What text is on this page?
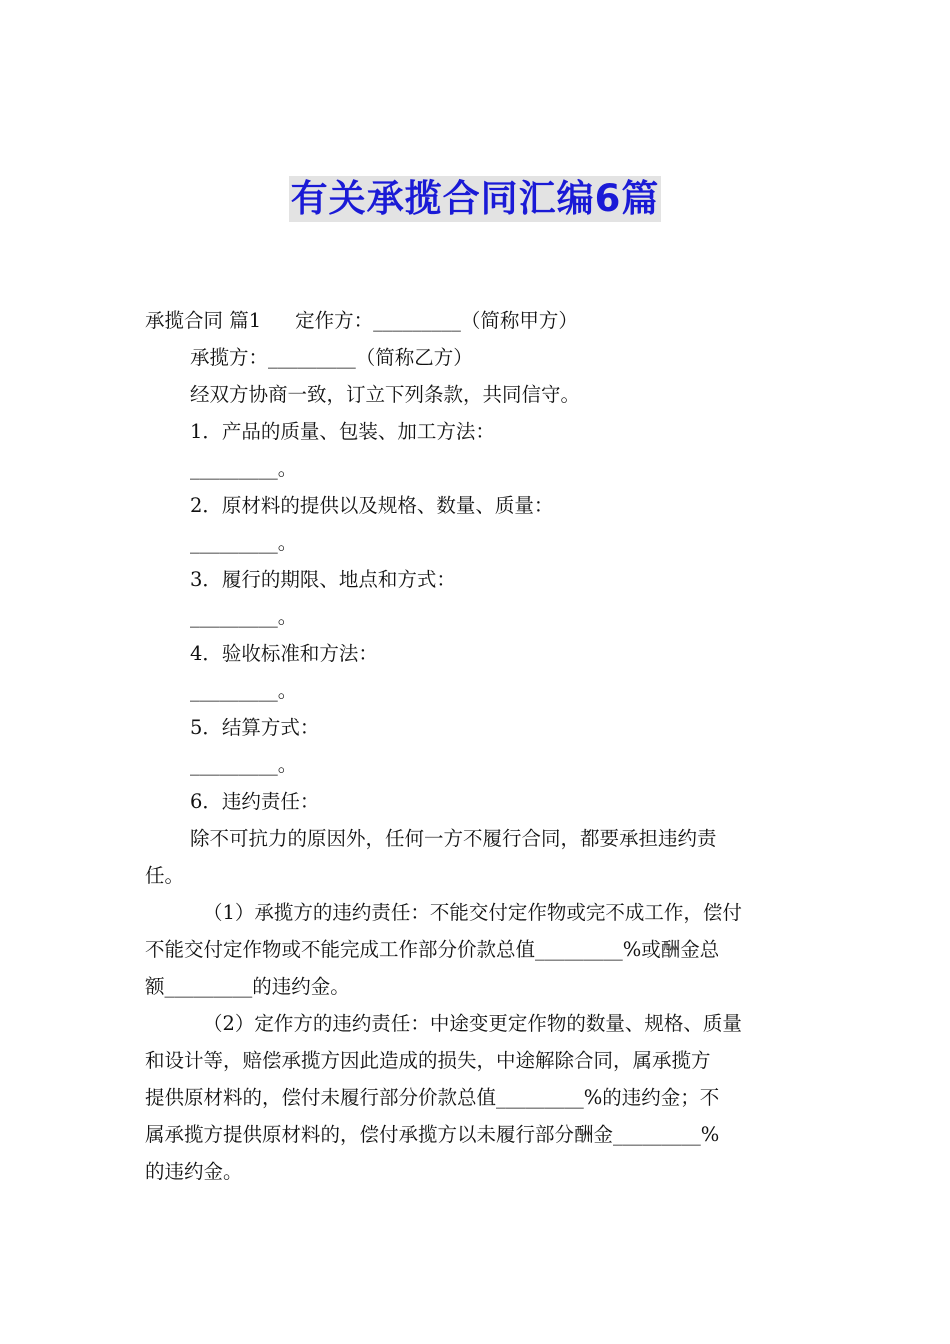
有关承揽合同汇编6篇
承揽合同 篇1 定作方：_________（简称甲方）
承揽方：_________（简称乙方）
经双方协商一致，订立下列条款，共同信守。
1．产品的质量、包装、加工方法：
_________。
2．原材料的提供以及规格、数量、质量：
_________。
3．履行的期限、地点和方式：
_________。
4．验收标准和方法：
_________。
5．结算方式：
_________。
6．违约责任：
除不可抗力的原因外，任何一方不履行合同，都要承担违约责
任。
（1）承揽方的违约责任：不能交付定作物或完不成工作，偿付
不能交付定作物或不能完成工作部分价款总值_________%或酬金总
额_________的违约金。
（2）定作方的违约责任：中途变更定作物的数量、规格、质量
和设计等，赔偿承揽方因此造成的损失，中途解除合同，属承揽方
提供原材料的，偿付未履行部分价款总值_________%的违约金；不
属承揽方提供原材料的，偿付承揽方以未履行部分酬金_________%
的违约金。
